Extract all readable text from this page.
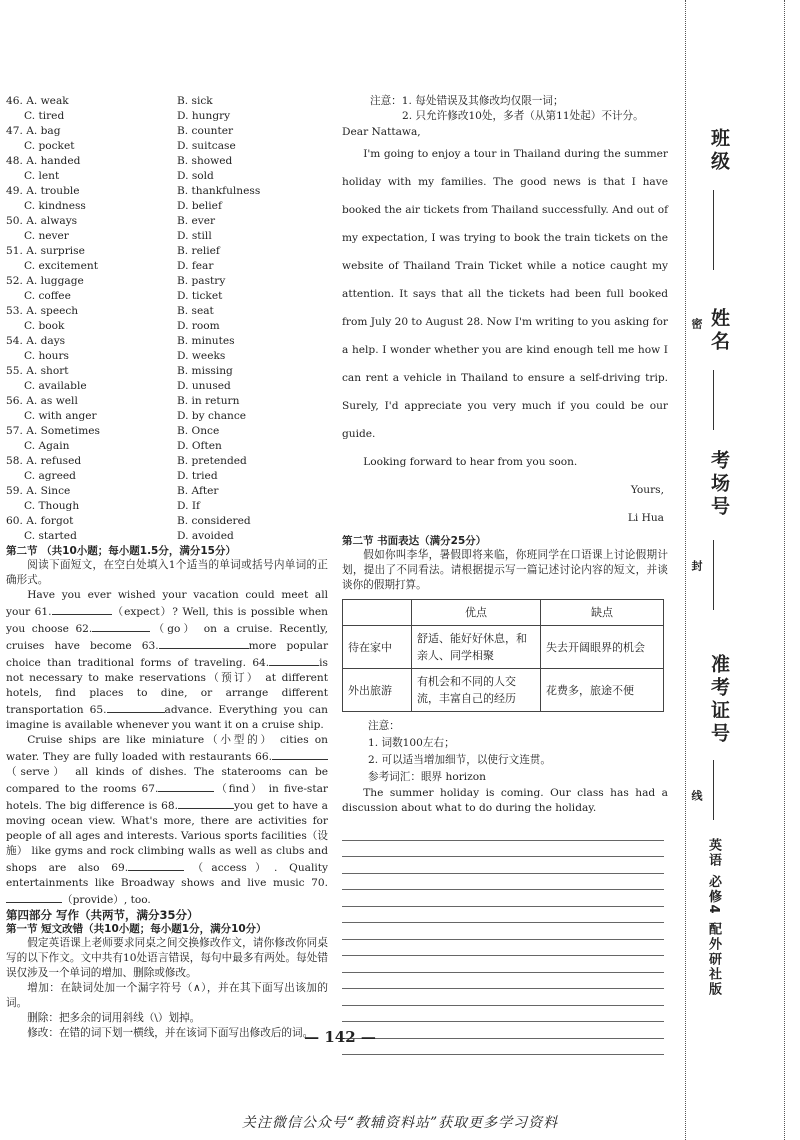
46. A. weak	B. sick
C. tired	D. hungry
47. A. bag	B. counter
C. pocket	D. suitcase
48. A. handed	B. showed
C. lent	D. sold
49. A. trouble	B. thankfulness
C. kindness	D. belief
50. A. always	B. ever
C. never	D. still
51. A. surprise	B. relief
C. excitement	D. fear
52. A. luggage	B. pastry
C. coffee	D. ticket
53. A. speech	B. seat
C. book	D. room
54. A. days	B. minutes
C. hours	D. weeks
55. A. short	B. missing
C. available	D. unused
56. A. as well	B. in return
C. with anger	D. by chance
57. A. Sometimes	B. Once
C. Again	D. Often
58. A. refused	B. pretended
C. agreed	D. tried
59. A. Since	B. After
C. Though	D. If
60. A. forgot	B. considered
C. started	D. avoided
第二节 （共10小题；每小题1.5分，满分15分）
阅读下面短文，在空白处填入1个适当的单词或括号内单词的正确形式。
Have you ever wished your vacation could meet all your 61.	（expect）? Well, this is possible when you choose 62.	（go） on a cruise. Recently, cruises have become 63.	more popular choice than traditional forms of traveling. 64.	is not necessary to make reservations（预订） at different hotels, find places to dine, or arrange different transportation 65.	advance. Everything you can imagine is available whenever you want it on a cruise ship.
Cruise ships are like miniature（小型的） cities on water. They are fully loaded with restaurants 66.（serve） all kinds of dishes. The staterooms can be compared to the rooms 67.	（find） in five-star hotels. The big difference is 68.	you get to have a moving ocean view. What's more, there are activities for people of all ages and interests. Various sports facilities（设施） like gyms and rock climbing walls as well as clubs and shops are also 69.	（access）. Quality entertainments like Broadway shows and live music 70.（provide）, too.
第四部分 写作（共两节，满分35分）
第一节 短文改错（共10小题；每小题1分，满分10分）
假定英语课上老师要求同桌之间交换修改作文，请你修改你同桌写的以下作文。文中共有10处语言错误，每句中最多有两处。每处错误仅涉及一个单词的增加、删除或修改。
增加：在缺词处加一个漏字符号（∧），并在其下面写出该加的词。
删除：把多余的词用斜线（\）划掉。
修改：在错的词下划一横线，并在该词下面写出修改后的词。
注意：1. 每处错误及其修改均仅限一词；
2. 只允许修改10处，多者（从第11处起）不计分。
Dear Nattawa,
I'm going to enjoy a tour in Thailand during the summer holiday with my families. The good news is that I have booked the air tickets from Thailand successfully. And out of my expectation, I was trying to book the train tickets on the website of Thailand Train Ticket while a notice caught my attention. It says that all the tickets had been full booked from July 20 to August 28. Now I'm writing to you asking for a help. I wonder whether you are kind enough tell me how I can rent a vehicle in Thailand to ensure a self-driving trip. Surely, I'd appreciate you very much if you could be our guide.
Looking forward to hear from you soon.
Yours,
Li Hua
第二节 书面表达（满分25分）
假如你叫李华，暑假即将来临，你班同学在口语课上讨论假期计划，提出了不同看法。请根据提示写一篇记述讨论内容的短文，并谈谈你的假期打算。
	优点	缺点
待在家中	舒适、能好好休息，和亲人、同学相聚	失去开阔眼界的机会
外出旅游	有机会和不同的人交流，丰富自己的经历	花费多，旅途不便
注意：
1. 词数100左右；
2. 可以适当增加细节，以使行文连贯。
参考词汇：眼界 horizon
The summer holiday is coming. Our class has had a discussion about what to do during the holiday.
— 142 —
关注微信公众号“教辅资料站”获取更多学习资料
班级
姓名
考场号
准考证号
密
封
线
英语 必修4 配外研社版
